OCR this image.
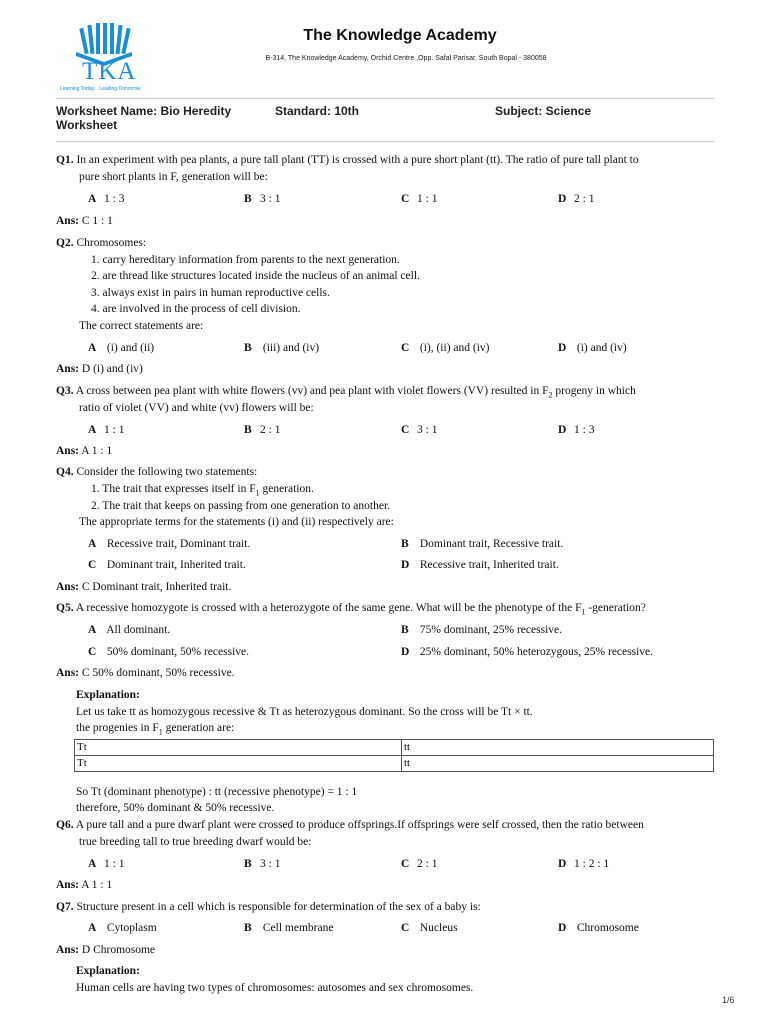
TKA
Learning Today... Leading Tomorrow
The Knowledge Academy
B-314, The Knowledge Academy, Orchid Centre ,Opp. Safal Parisar, South Bopal - 380058
Worksheet Name: Bio Heredity Worksheet
Standard: 10th	Subject: Science
Q1. In an experiment with pea plants, a pure tall plant (TT) is crossed with a pure short plant (tt). The ratio of pure tall plant to
pure short plants in F, generation will be:
A 1 : 3	B 3 : 1	C 1 : 1	D 2 : 1
Ans: C 1 : 1
Q2. Chromosomes:
1. carry hereditary information from parents to the next generation.
2. are thread like structures located inside the nucleus of an animal cell.
3. always exist in pairs in human reproductive cells.
4. are involved in the process of cell division.
The correct statements are:
A (i) and (ii)	B (iii) and (iv)	C (i), (ii) and (iv)	D (i) and (iv)
Ans: D (i) and (iv)
Q3. A cross between pea plant with white flowers (vv) and pea plant with violet flowers (VV) resulted in $F_2$ progeny in which
ratio of violet (VV) and white (vv) flowers will be:
A 1 : 1	B 2 : 1	C 3 : 1	D 1 : 3
Ans: A 1 : 1
Q4. Consider the following two statements:
1. The trait that expresses itself in $F_1$ generation.
2. The trait that keeps on passing from one generation to another.
The appropriate terms for the statements (i) and (ii) respectively are:
A Recessive trait, Dominant trait.	B Dominant trait, Recessive trait.
C Dominant trait, Inherited trait.	D Recessive trait, Inherited trait.
Ans: C Dominant trait, Inherited trait.
Q5. A recessive homozygote is crossed with a heterozygote of the same gene. What will be the phenotype of the $F_1$ -generation?
A All dominant.	B 75% dominant, 25% recessive.
C 50% dominant, 50% recessive.	D 25% dominant, 50% heterozygous, 25% recessive.
Ans: C 50% dominant, 50% recessive.
Explanation:
Let us take tt as homozygous recessive & Tt as heterozygous dominant. So the cross will be Tt × tt.
the progenies in $F_1$ generation are:
Tt	tt
Tt	tt
So Tt (dominant phenotype) : tt (recessive phenotype) = 1 : 1
therefore, 50% dominant & 50% recessive.
Q6. A pure tall and a pure dwarf plant were crossed to produce offsprings.If offsprings were self crossed, then the ratio between
true breeding tall to true breeding dwarf would be:
A 1 : 1	B 3 : 1	C 2 : 1	D 1 : 2 : 1
Ans: A 1 : 1
Q7. Structure present in a cell which is responsible for determination of the sex of a baby is:
A Cytoplasm	B Cell membrane	C Nucleus	D Chromosome
Ans: D Chromosome
Explanation:
Human cells are having two types of chromosomes: autosomes and sex chromosomes.
1/6
